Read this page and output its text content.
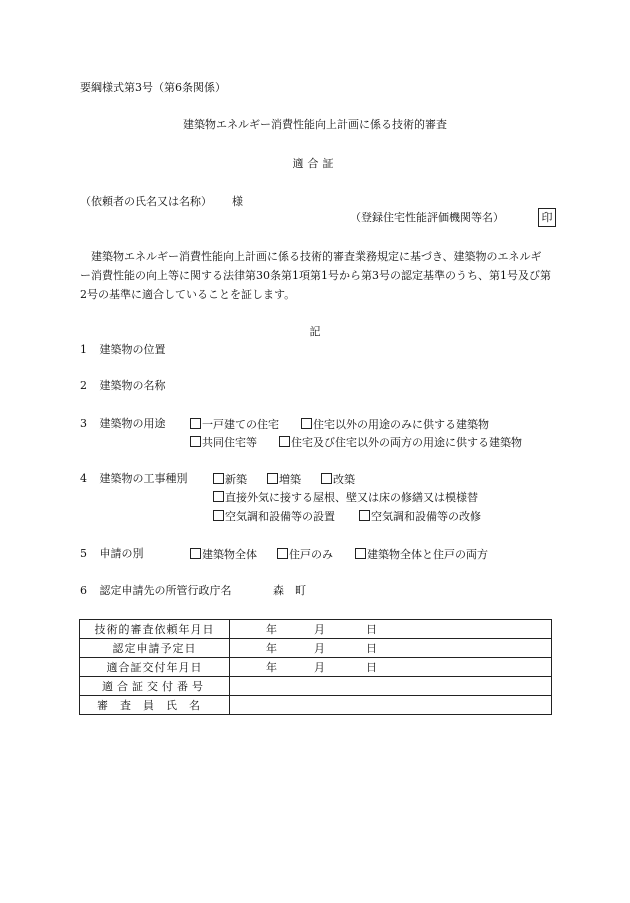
要綱様式第3号（第6条関係）
建築物エネルギー消費性能向上計画に係る技術的審査
適合証
（依頼者の氏名又は名称） 様
（登録住宅性能評価機関等名）	印
建築物エネルギー消費性能向上計画に係る技術的審査業務規定に基づき、建築物のエネルギー消費性能の向上等に関する法律第30条第1項第1号から第3号の認定基準のうち、第1号及び第2号の基準に適合していることを証します。
記
1 建築物の位置
2 建築物の名称
3 建築物の用途	一戸建ての住宅	住宅以外の用途のみに供する建築物
共同住宅等	住宅及び住宅以外の両方の用途に供する建築物
4 建築物の工事種別	新築	増築	改築
直接外気に接する屋根、壁又は床の修繕又は模様替
空気調和設備等の設置	空気調和設備等の改修
5 申請の別	建築物全体	住戸のみ	建築物全体と住戸の両方
6 認定申請先の所管行政庁名	森　町
技術的審査依頼年月日	年 月 日
認定申請予定日	年 月 日
適合証交付年月日	年 月 日
適合証交付番号	
審査員氏名	
